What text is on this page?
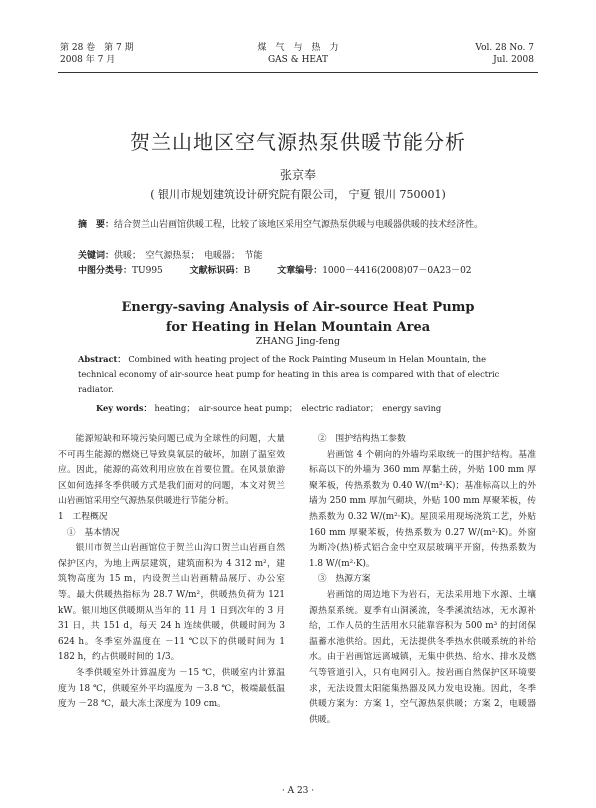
第 28 卷　第 7 期
2008 年 7 月
煤　气　与　热　力
GAS & HEAT
Vol. 28 No. 7
Jul. 2008
贺兰山地区空气源热泵供暖节能分析
张京奉
( 银川市规划建筑设计研究院有限公司， 宁夏 银川 750001)
摘　要：结合贺兰山岩画馆供暖工程，比较了该地区采用空气源热泵供暖与电暖器供暖的技术经济性。
关键词：供暖；　空气源热泵；　电暖器；　节能
中图分类号：TU995	文献标识码：B	文章编号：1000－4416(2008)07－0A23－02
Energy-saving Analysis of Air-source Heat Pump
for Heating in Helan Mountain Area
ZHANG Jing-feng
Abstract： Combined with heating project of the Rock Painting Museum in Helan Mountain, the technical economy of air-source heat pump for heating in this area is compared with that of electric radiator.
Key words： heating；　air-source heat pump；　electric radiator；　energy saving

能源短缺和环境污染问题已成为全球性的问题，大量不可再生能源的燃烧已导致臭氧层的破坏，加剧了温室效应。因此，能源的高效利用应放在首要位置。在风景旅游区如何选择冬季供暖方式是我们面对的问题，本文对贺兰山岩画馆采用空气源热泵供暖进行节能分析。

1　工程概况

①　基本情况

银川市贺兰山岩画馆位于贺兰山沟口贺兰山岩画自然保护区内，为地上两层建筑，建筑面积为 4 312 m²，建筑物高度为 15 m，内设贺兰山岩画精品展厅、办公室等。最大供暖热指标为 28.7 W/m²，供暖热负荷为 121 kW。银川地区供暖期从当年的 11 月 1 日到次年的 3 月 31 日，共 151 d，每天 24 h 连续供暖，供暖时间为 3 624 h。冬季室外温度在 －11 ℃以下的供暖时间为 1 182 h，约占供暖时间的 1/3。

冬季供暖室外计算温度为 －15 ℃，供暖室内计算温度为 18 ℃，供暖室外平均温度为 －3.8 ℃，极端最低温度为 －28 ℃，最大冻土深度为 109 cm。

②　围护结构热工参数

岩画馆 4 个朝向的外墙均采取统一的围护结构。基准标高以下的外墙为 360 mm 厚黏土砖，外贴 100 mm 厚聚苯板，传热系数为 0.40 W/(m²·K)；基准标高以上的外墙为 250 mm 厚加气砌块，外贴 100 mm 厚聚苯板，传热系数为 0.32 W/(m²·K)。屋顶采用现场浇筑工艺，外贴 160 mm 厚聚苯板，传热系数为 0.27 W/(m²·K)。外窗为断冷(热)桥式铝合金中空双层玻璃平开窗，传热系数为 1.8 W/(m²·K)。

③　热源方案

岩画馆的周边地下为岩石，无法采用地下水源、土壤源热泵系统。夏季有山洞溪流，冬季溪流结冰，无水源补给，工作人员的生活用水只能靠容积为 500 m³ 的封闭保温蓄水池供给。因此，无法提供冬季热水供暖系统的补给水。由于岩画馆远离城镇，无集中供热、给水、排水及燃气等管道引入，只有电网引入。按岩画自然保护区环境要求，无法设置太阳能集热器及风力发电设施。因此，冬季供暖方案为：方案 1，空气源热泵供暖；方案 2，电暖器供暖。

· A 23 ·
